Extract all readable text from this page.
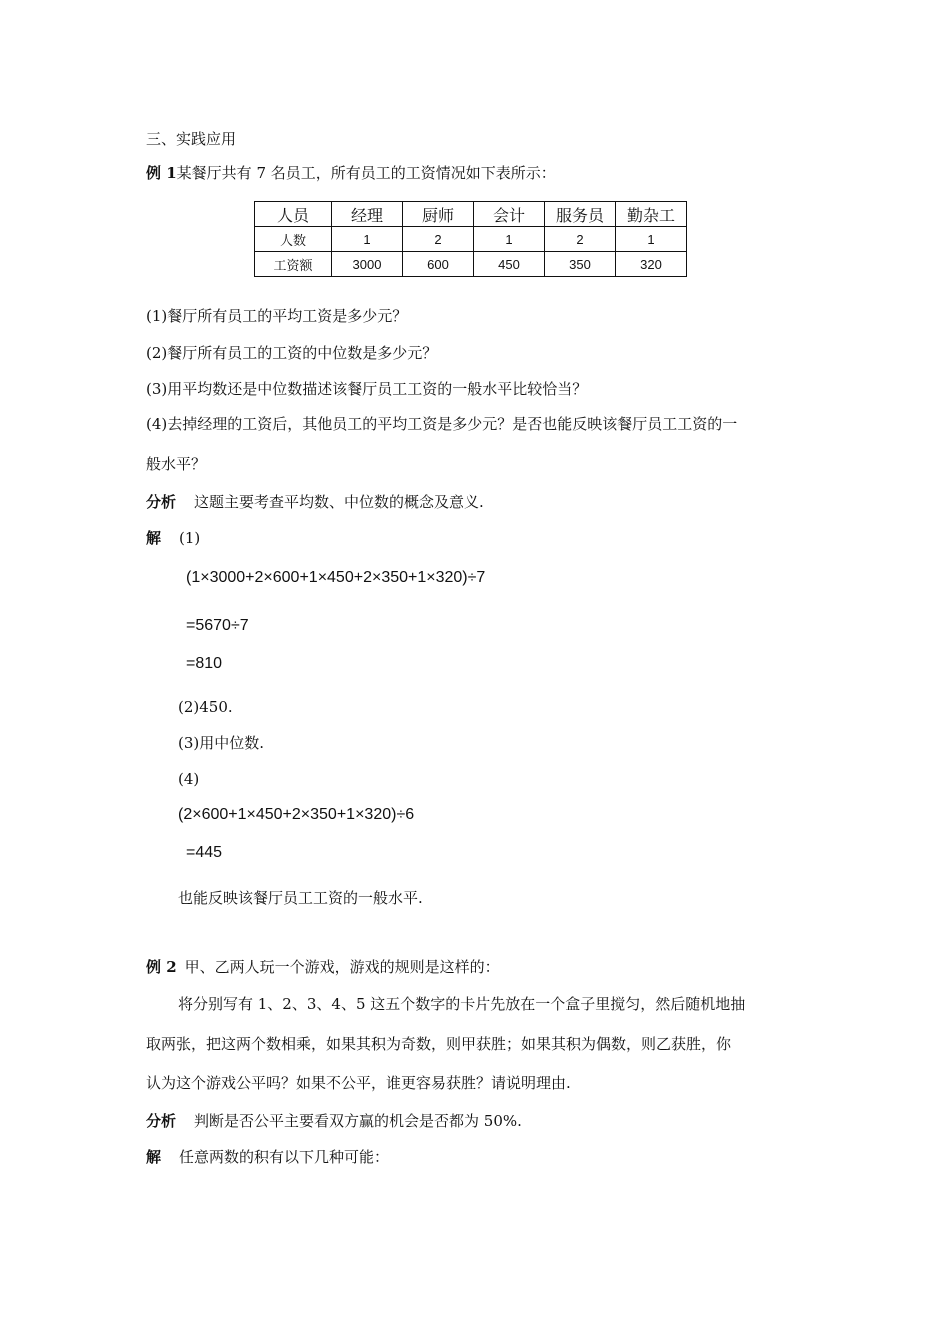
三、实践应用
例 1某餐厅共有 7 名员工，所有员工的工资情况如下表所示：
人员	经理	厨师	会计	服务员	勤杂工
人数	1	2	1	2	1
工资额	3000	600	450	350	320
(1)餐厅所有员工的平均工资是多少元？
(2)餐厅所有员工的工资的中位数是多少元？
(3)用平均数还是中位数描述该餐厅员工工资的一般水平比较恰当？
(4)去掉经理的工资后，其他员工的平均工资是多少元？是否也能反映该餐厅员工工资的一
般水平？
分析 这题主要考查平均数、中位数的概念及意义.
解 (1)
(1×3000+2×600+1×450+2×350+1×320)÷7
=5670÷7
=810
(2)450.
(3)用中位数.
(4)
(2×600+1×450+2×350+1×320)÷6
=445
也能反映该餐厅员工工资的一般水平.
例 2 甲、乙两人玩一个游戏，游戏的规则是这样的：
将分别写有 1、2、3、4、5 这五个数字的卡片先放在一个盒子里搅匀，然后随机地抽
取两张，把这两个数相乘，如果其积为奇数，则甲获胜；如果其积为偶数，则乙获胜，你
认为这个游戏公平吗？如果不公平，谁更容易获胜？请说明理由.
分析 判断是否公平主要看双方赢的机会是否都为 50%.
解 任意两数的积有以下几种可能：
